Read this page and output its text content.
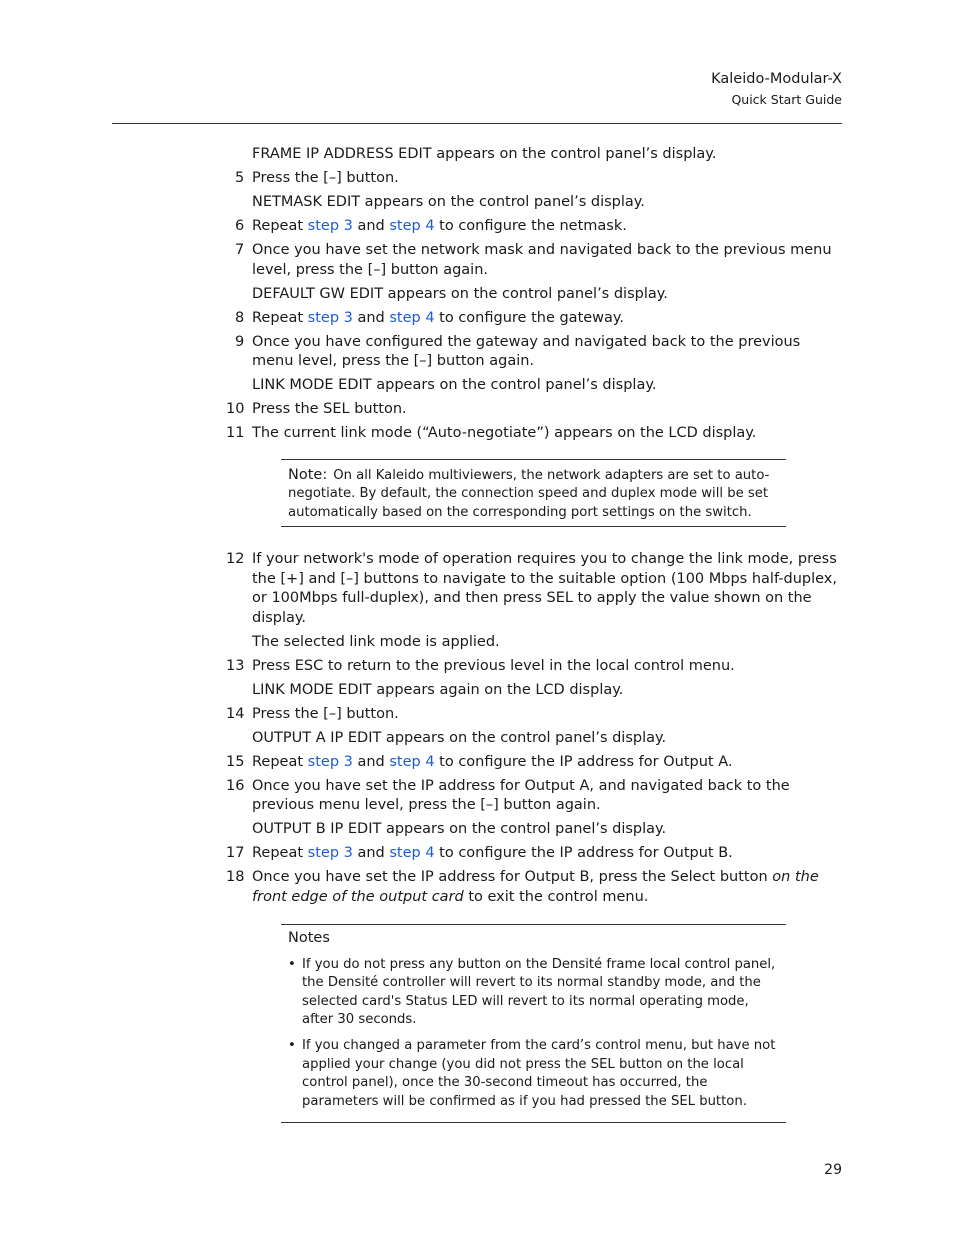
Kaleido-Modular-X
Quick Start Guide
FRAME IP ADDRESS EDIT appears on the control panel’s display.
5 Press the [–] button.
NETMASK EDIT appears on the control panel’s display.
6 Repeat step 3 and step 4 to configure the netmask.
7 Once you have set the network mask and navigated back to the previous menu level, press the [–] button again.
DEFAULT GW EDIT appears on the control panel’s display.
8 Repeat step 3 and step 4 to configure the gateway.
9 Once you have configured the gateway and navigated back to the previous menu level, press the [–] button again.
LINK MODE EDIT appears on the control panel’s display.
10 Press the SEL button.
11 The current link mode (“Auto-negotiate”) appears on the LCD display.
Note: On all Kaleido multiviewers, the network adapters are set to auto-negotiate. By default, the connection speed and duplex mode will be set automatically based on the corresponding port settings on the switch.
12 If your network's mode of operation requires you to change the link mode, press the [+] and [–] buttons to navigate to the suitable option (100 Mbps half-duplex, or 100Mbps full-duplex), and then press SEL to apply the value shown on the display.
The selected link mode is applied.
13 Press ESC to return to the previous level in the local control menu.
LINK MODE EDIT appears again on the LCD display.
14 Press the [–] button.
OUTPUT A IP EDIT appears on the control panel’s display.
15 Repeat step 3 and step 4 to configure the IP address for Output A.
16 Once you have set the IP address for Output A, and navigated back to the previous menu level, press the [–] button again.
OUTPUT B IP EDIT appears on the control panel’s display.
17 Repeat step 3 and step 4 to configure the IP address for Output B.
18 Once you have set the IP address for Output B, press the Select button on the front edge of the output card to exit the control menu.
Notes
• If you do not press any button on the Densité frame local control panel, the Densité controller will revert to its normal standby mode, and the selected card's Status LED will revert to its normal operating mode, after 30 seconds.
• If you changed a parameter from the card’s control menu, but have not applied your change (you did not press the SEL button on the local control panel), once the 30-second timeout has occurred, the parameters will be confirmed as if you had pressed the SEL button.
29
